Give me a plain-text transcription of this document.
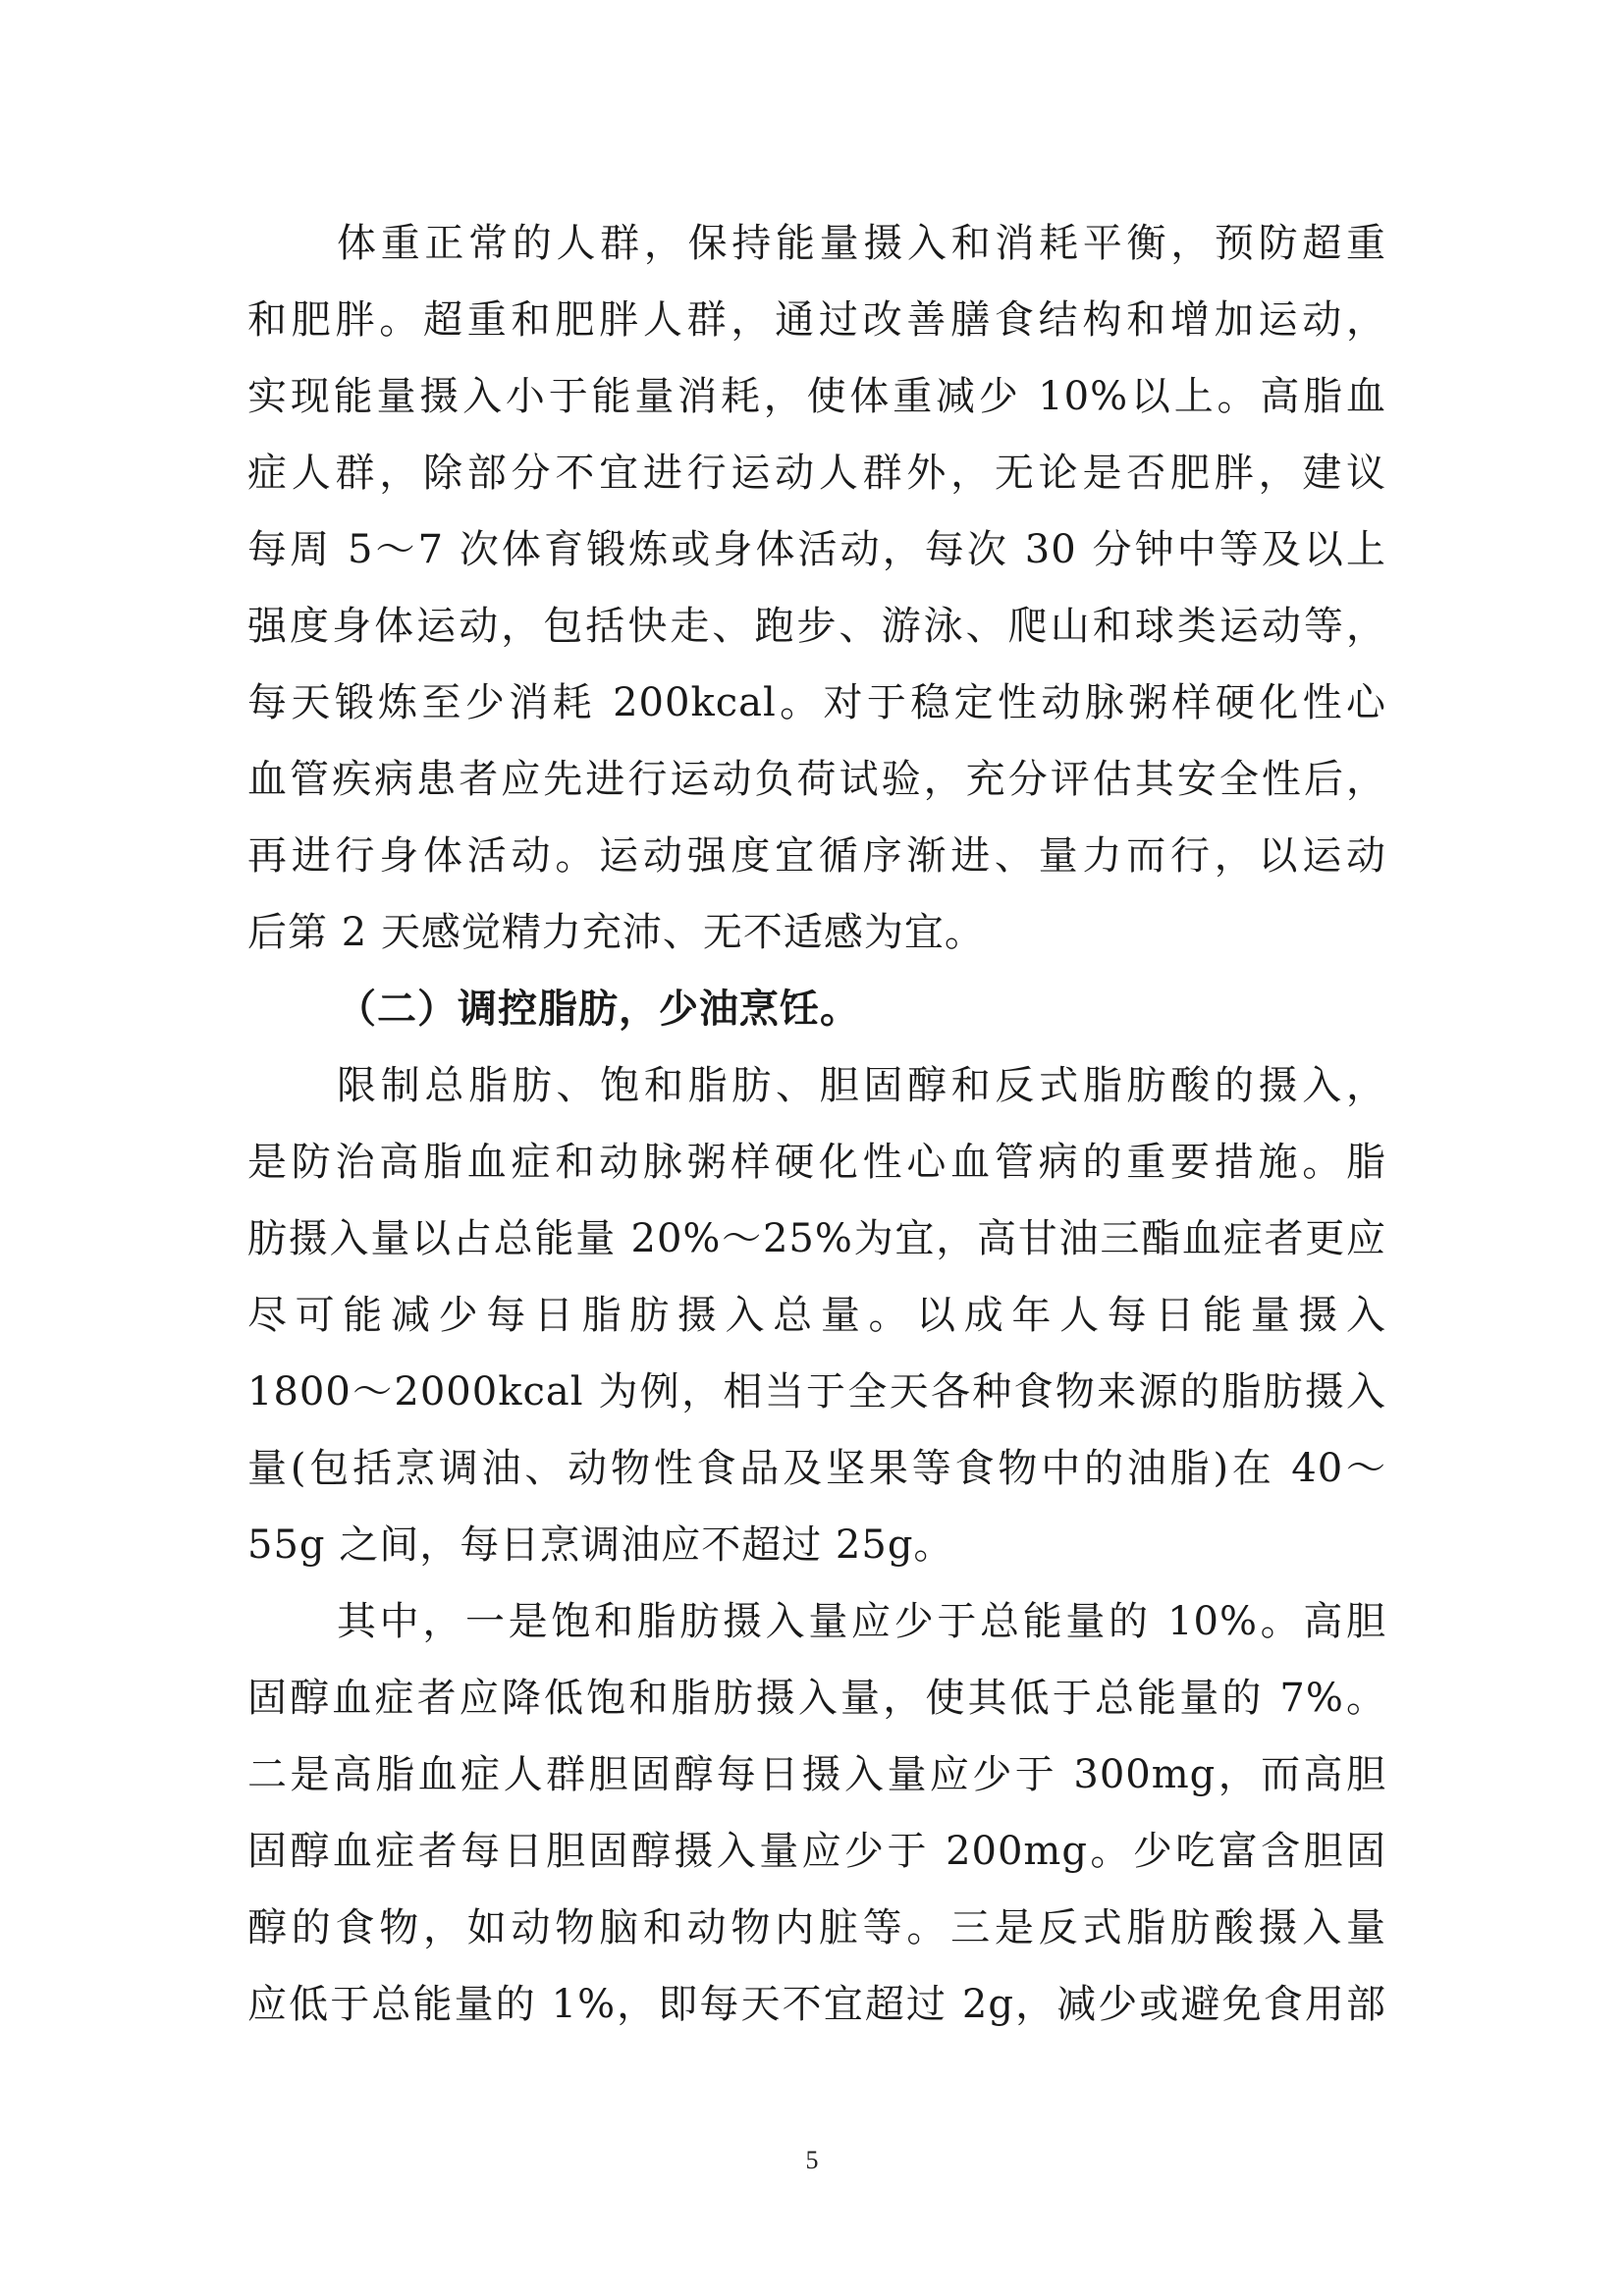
体重正常的人群，保持能量摄入和消耗平衡，预防超重
和肥胖。超重和肥胖人群，通过改善膳食结构和增加运动，
实现能量摄入小于能量消耗，使体重减少 10%以上。高脂血
症人群，除部分不宜进行运动人群外，无论是否肥胖，建议
每周 5～7 次体育锻炼或身体活动，每次 30 分钟中等及以上
强度身体运动，包括快走、跑步、游泳、爬山和球类运动等，
每天锻炼至少消耗 200kcal。对于稳定性动脉粥样硬化性心
血管疾病患者应先进行运动负荷试验，充分评估其安全性后，
再进行身体活动。运动强度宜循序渐进、量力而行，以运动
后第 2 天感觉精力充沛、无不适感为宜。
（二）调控脂肪，少油烹饪。
限制总脂肪、饱和脂肪、胆固醇和反式脂肪酸的摄入，
是防治高脂血症和动脉粥样硬化性心血管病的重要措施。脂
肪摄入量以占总能量 20%～25%为宜，高甘油三酯血症者更应
尽可能减少每日脂肪摄入总量。以成年人每日能量摄入
1800～2000kcal 为例，相当于全天各种食物来源的脂肪摄入
量(包括烹调油、动物性食品及坚果等食物中的油脂)在 40～
55g 之间，每日烹调油应不超过 25g。
其中，一是饱和脂肪摄入量应少于总能量的 10%。高胆
固醇血症者应降低饱和脂肪摄入量，使其低于总能量的 7%。
二是高脂血症人群胆固醇每日摄入量应少于 300mg，而高胆
固醇血症者每日胆固醇摄入量应少于 200mg。少吃富含胆固
醇的食物，如动物脑和动物内脏等。三是反式脂肪酸摄入量
应低于总能量的 1%，即每天不宜超过 2g，减少或避免食用部
5
